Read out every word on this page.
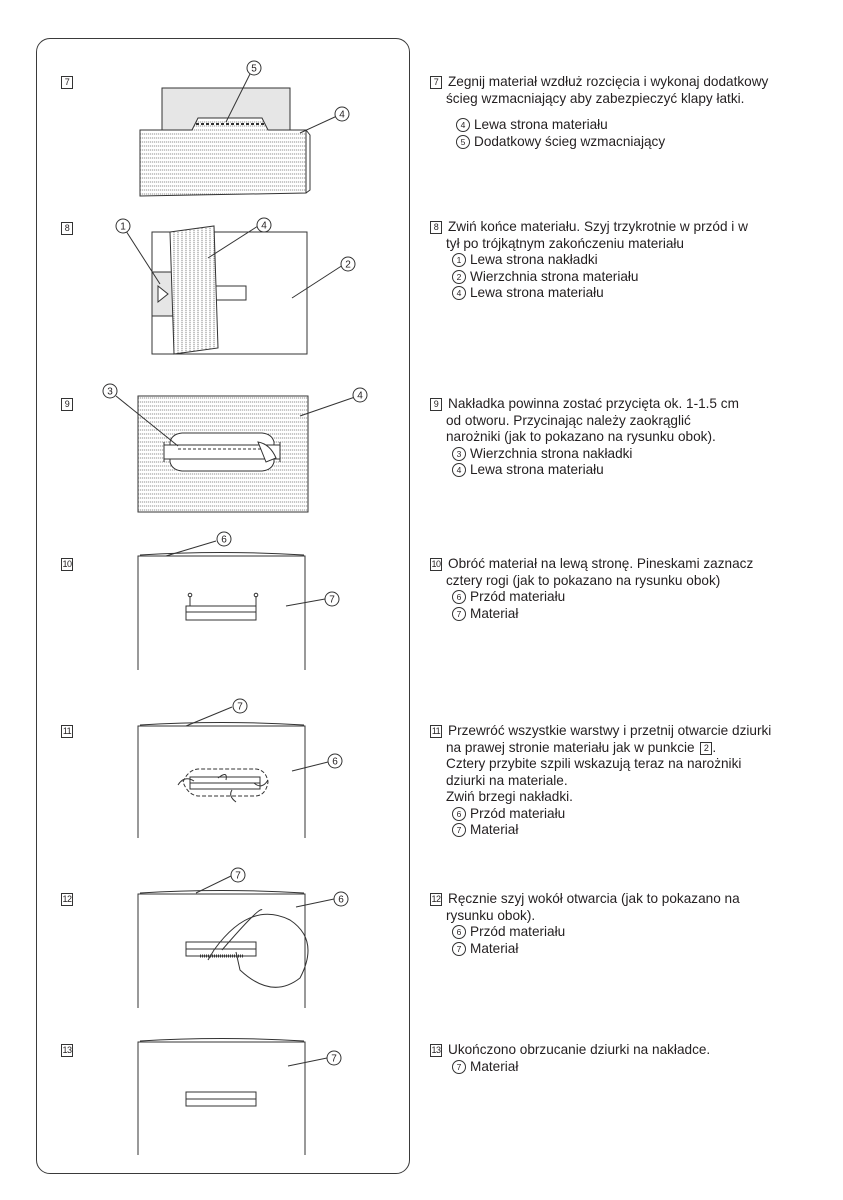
7
8
9
10
11
12
13
5
4
1	4
2
3	4
6
7
7
6
7
6
7
7 Zegnij materiał wzdłuż rozcięcia i wykonaj dodatkowy
ścieg wzmacniający aby zabezpieczyć klapy łatki.
4 Lewa strona materiału
5 Dodatkowy ścieg wzmacniający
8 Zwiń końce materiału. Szyj trzykrotnie w przód i w
tył po trójkątnym zakończeniu materiału
1 Lewa strona nakładki
2 Wierzchnia strona materiału
4 Lewa strona materiału
9 Nakładka powinna zostać przycięta ok. 1-1.5 cm
od otworu. Przycinając należy zaokrąglić
narożniki (jak to pokazano na rysunku obok).
3 Wierzchnia strona nakładki
4 Lewa strona materiału
10 Obróć materiał na lewą stronę. Pineskami zaznacz
cztery rogi (jak to pokazano na rysunku obok)
6 Przód materiału
7 Materiał
11 Przewróć wszystkie warstwy i przetnij otwarcie dziurki
na prawej stronie materiału jak w punkcie 2 .
Cztery przybite szpili wskazują teraz na narożniki
dziurki na materiale.
Zwiń brzegi nakładki.
6 Przód materiału
7 Materiał
12 Ręcznie szyj wokół otwarcia (jak to pokazano na
rysunku obok).
6 Przód materiału
7 Materiał
13 Ukończono obrzucanie dziurki na nakładce.
7 Materiał
